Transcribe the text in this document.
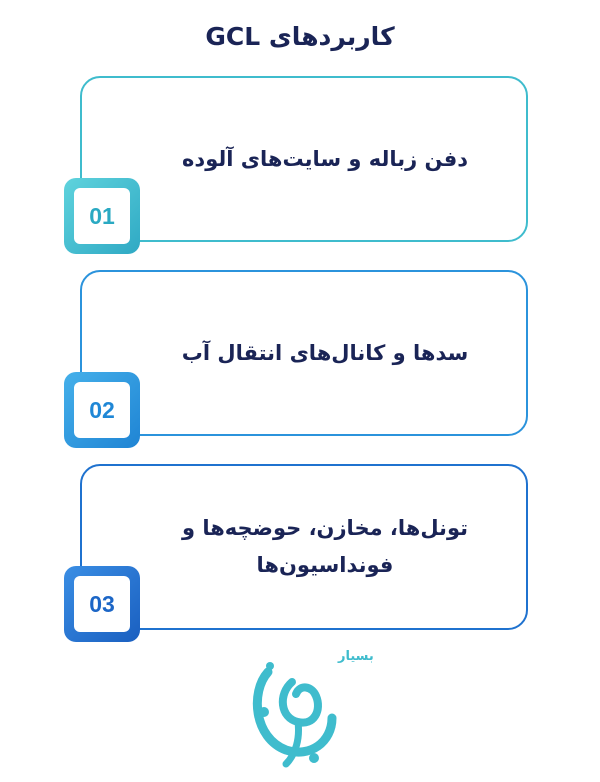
کاربردهای GCL
دفن زباله و سایت‌های آلوده
01
سدها و کانال‌های انتقال آب
02
تونل‌ها، مخازن، حوضچه‌ها و فونداسیون‌ها
03
بسیار
